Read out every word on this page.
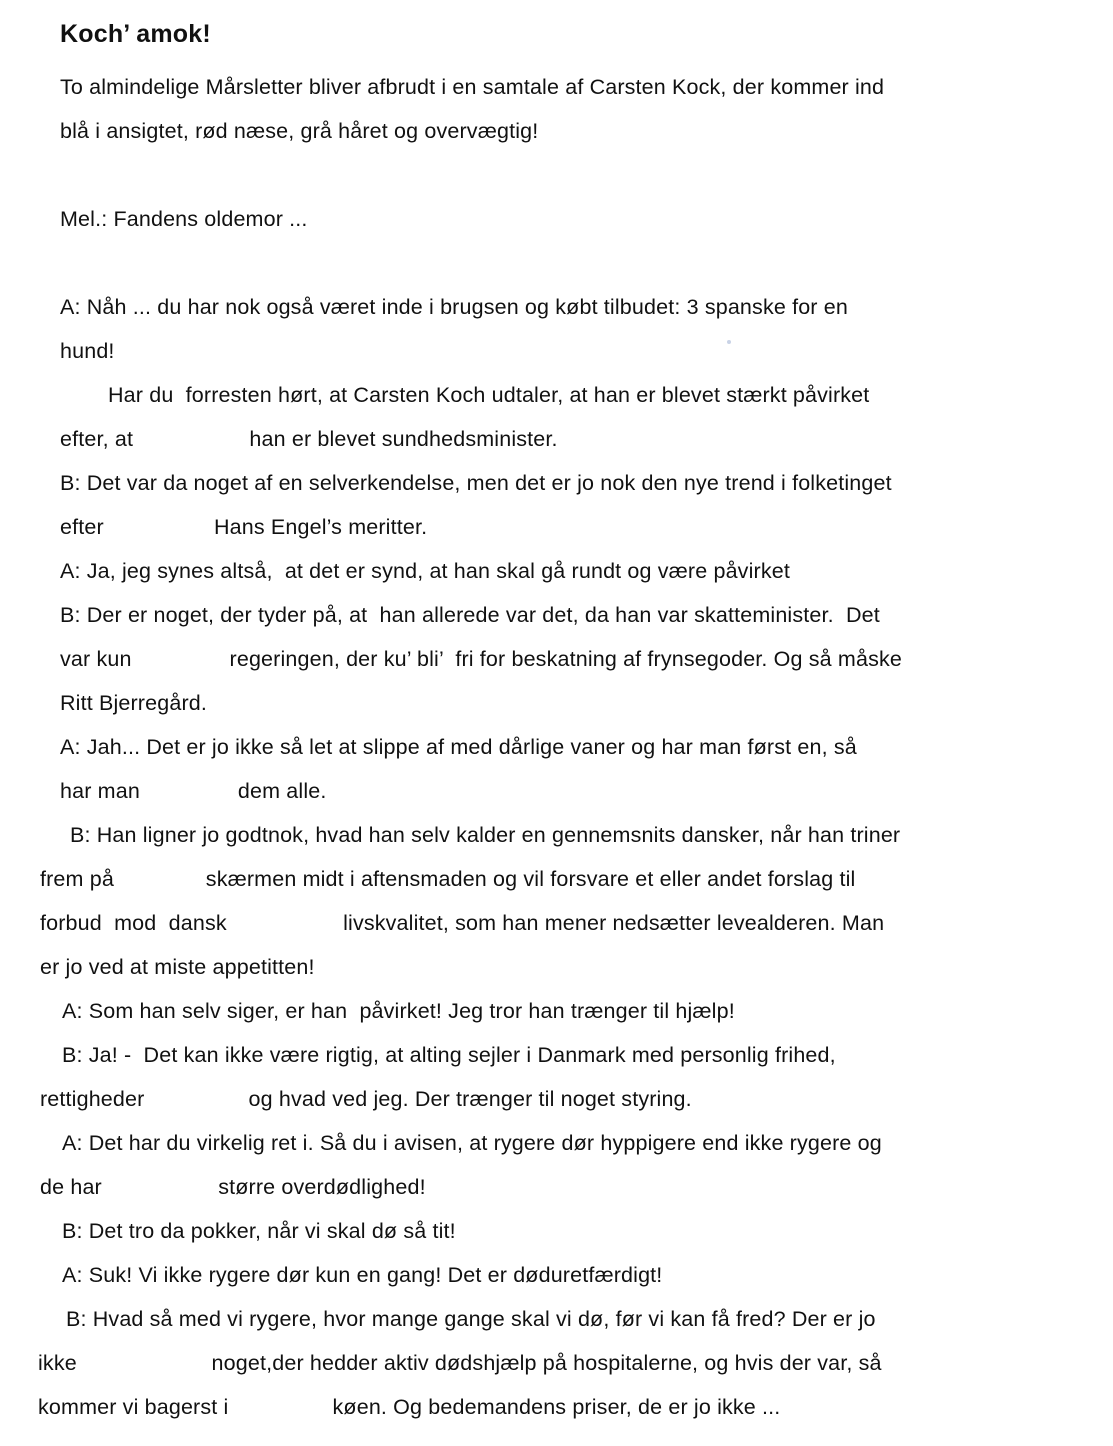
Koch’ amok!
To almindelige Mårsletter bliver afbrudt i en samtale af Carsten Kock, der kommer ind
blå i ansigtet, rød næse, grå håret og overvægtig!
Mel.: Fandens oldemor ...
A: Nåh ... du har nok også været inde i brugsen og købt tilbudet: 3 spanske for en
hund!
Har du  forresten hørt, at Carsten Koch udtaler, at han er blevet stærkt påvirket
efter, at                   han er blevet sundhedsminister.
B: Det var da noget af en selverkendelse, men det er jo nok den nye trend i folketinget
efter                  Hans Engel’s meritter.
A: Ja, jeg synes altså,  at det er synd, at han skal gå rundt og være påvirket
B: Der er noget, der tyder på, at  han allerede var det, da han var skatteminister.  Det
var kun                regeringen, der ku’ bli’  fri for beskatning af frynsegoder. Og så måske
Ritt Bjerregård.
A: Jah... Det er jo ikke så let at slippe af med dårlige vaner og har man først en, så
har man                dem alle.
B: Han ligner jo godtnok, hvad han selv kalder en gennemsnits dansker, når han triner
frem på               skærmen midt i aftensmaden og vil forsvare et eller andet forslag til
forbud  mod  dansk                   livskvalitet, som han mener nedsætter levealderen. Man
er jo ved at miste appetitten!
A: Som han selv siger, er han  påvirket! Jeg tror han trænger til hjælp!
B: Ja! -  Det kan ikke være rigtig, at alting sejler i Danmark med personlig frihed,
rettigheder                 og hvad ved jeg. Der trænger til noget styring.
A: Det har du virkelig ret i. Så du i avisen, at rygere dør hyppigere end ikke rygere og
de har                   større overdødlighed!
B: Det tro da pokker, når vi skal dø så tit!
A: Suk! Vi ikke rygere dør kun en gang! Det er døduretfærdigt!
B: Hvad så med vi rygere, hvor mange gange skal vi dø, før vi kan få fred? Der er jo
ikke                      noget,der hedder aktiv dødshjælp på hospitalerne, og hvis der var, så
kommer vi bagerst i                 køen. Og bedemandens priser, de er jo ikke ...
